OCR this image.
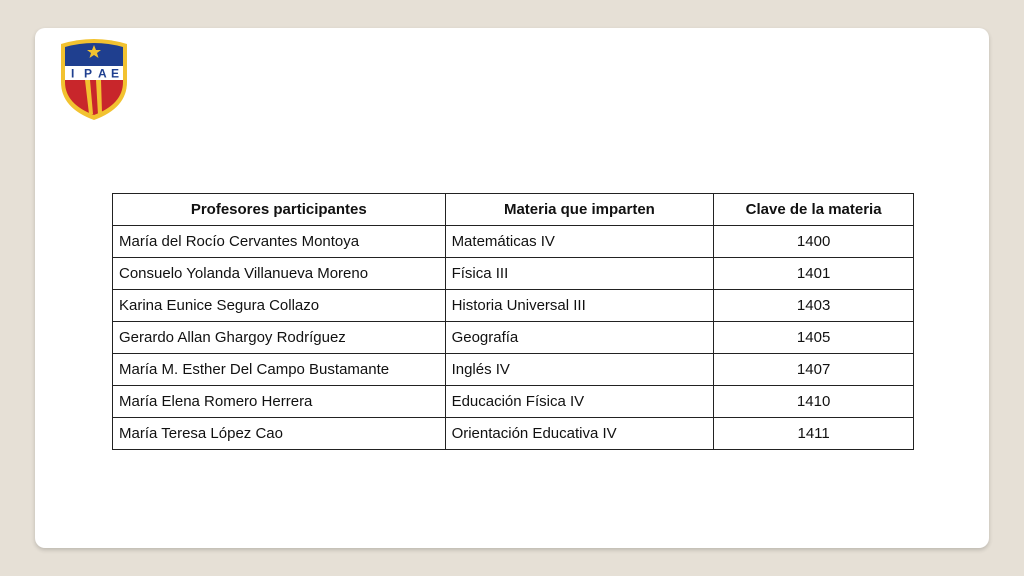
I P A E
Profesores participantes	Materia que imparten	Clave de la materia
María del Rocío Cervantes Montoya	Matemáticas IV	1400
Consuelo Yolanda Villanueva Moreno	Física III	1401
Karina Eunice Segura Collazo	Historia Universal III	1403
Gerardo Allan Ghargoy Rodríguez	Geografía	1405
María M. Esther Del Campo Bustamante	Inglés IV	1407
María Elena Romero Herrera	Educación Física IV	1410
María Teresa López Cao	Orientación Educativa IV	1411
